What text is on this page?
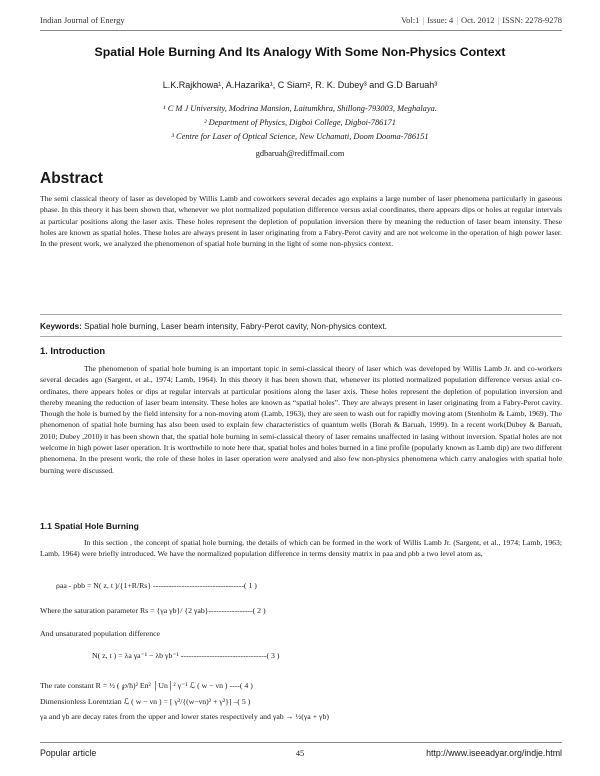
Indian Journal of Energy	Vol:1 | Issue: 4 | Oct. 2012 | ISSN: 2278-9278
Spatial Hole Burning And Its Analogy With Some Non-Physics Context
L.K.Rajkhowa¹, A.Hazarika¹, C Siam², R. K. Dubey³ and G.D Baruah³
¹ C M J University, Modrina Mansion, Laitumkhra, Shillong-793003, Meghalaya.
² Department of Physics, Digboi College, Digboi-786171
³ Centre for Laser of Optical Science, New Uchamati, Doom Dooma-786151
gdbaruah@rediffmail.com
Abstract
The semi classical theory of laser as developed by Willis Lamb and coworkers several decades ago explains a large number of laser phenomena particularly in gaseous phase. In this theory it has been shown that, whenever we plot normalized population difference versus axial coordinates, there appears dips or holes at regular intervals at particular positions along the laser axis. These holes represent the depletion of population inversion there by meaning the reduction of laser beam intensity. These holes are known as spatial holes. These holes are always present in laser originating from a Fabry-Perot cavity and are not welcome in the operation of high power laser. In the present work, we analyzed the phenomenon of spatial hole burning in the light of some non-physics context.
Keywords: Spatial hole burning, Laser beam intensity, Fabry-Perot cavity, Non-physics context.
1. Introduction
The phenomenon of spatial hole burning is an important topic in semi-classical theory of laser which was developed by Willis Lamb Jr. and co-workers several decades ago (Sargent, et al., 1974; Lamb, 1964). In this theory it has been shown that, whenever its plotted normalized population difference versus axial co-ordinates, there appears holes or dips at regular intervals at particular positions along the laser axis. These holes represent the depletion of population inversion and thereby meaning the reduction of laser beam intensity. These holes are known as “spatial holes”. They are always present in laser originating from a Fabry-Perot cavity. Though the hole is burned by the field intensity for a non-moving atom (Lamb, 1963), they are seen to wash out for rapidly moving atom (Stenholm & Lamb, 1969). The phenomenon of spatial hole burning has also been used to explain few characteristics of quantum wells (Borah & Baruah, 1999). In a recent work(Dubey & Baruah, 2010; Dubey ,2010) it has been shown that, the spatial hole burning in semi-classical theory of laser remains unaffected in lasing without inversion. Spatial holes are not welcome in high power laser operation. It is worthwhile to note here that, spatial holes and holes burned in a line profile (popularly known as Lamb dip) are two different phenomena. In the present work, the role of these holes in laser operation were analysed and also few non-physics phenomena which carry analogies with spatial hole burning were discussed.
1.1 Spatial Hole Burning
In this section , the concept of spatial hole burning, the details of which can be formed in the work of Willis Lamb Jr. (Sargent, et al., 1974; Lamb, 1963; Lamb, 1964) were briefly introduced. We have the normalized population difference in terms density matrix in ρaa and ρbb a two level atom as,
ρaa - ρbb = N( z, t )/{1+R/Rs} -----------------------------------( 1 )
Where the saturation parameter Rs = {γa γb}/ {2 γab}-----------------( 2 )
And unsaturated population difference
N( z, t ) = λa γa⁻¹ − λb γb⁻¹ ---------------------------------( 3 )
The rate constant R = ½ ( ℘/ħ)² En² │Un│² γ⁻¹ ℒ ( w − νn ) ----( 4 )
Dimensionless Lorentzian ℒ ( w − νn ) = [ γ²/{(w−νn)² + γ²}] –( 5 )
γa and γb are decay rates from the upper and lower states respectively and γab → ½(γa + γb)
Popular article	45	http://www.iseeadyar.org/indje.html
